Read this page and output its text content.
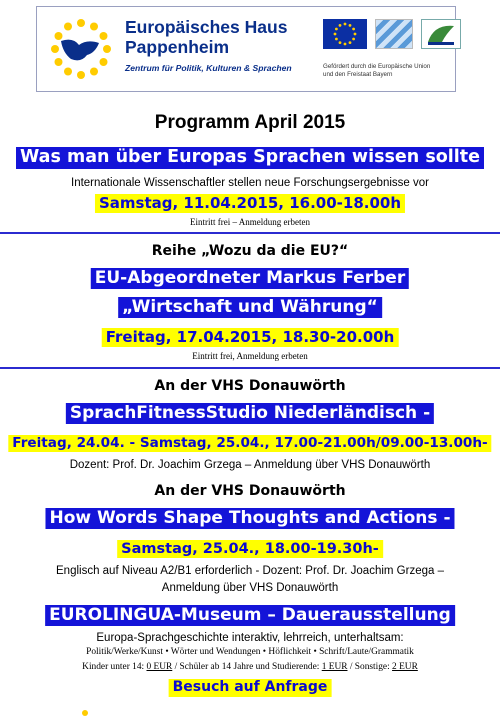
Europäisches Haus
Pappenheim
Zentrum für Politik, Kulturen & Sprachen	Gefördert durch die Europäische Union
und den Freistaat Bayern
Programm April 2015
Was man über Europas Sprachen wissen sollte
Internationale Wissenschaftler stellen neue Forschungsergebnisse vor
Samstag, 11.04.2015, 16.00-18.00h
Eintritt frei – Anmeldung erbeten
Reihe „Wozu da die EU?“
EU-Abgeordneter Markus Ferber
„Wirtschaft und Währung“
Freitag, 17.04.2015, 18.30-20.00h
Eintritt frei, Anmeldung erbeten
An der VHS Donauwörth
SprachFitnessStudio Niederländisch -
Freitag, 24.04. - Samstag, 25.04., 17.00-21.00h/09.00-13.00h-
Dozent: Prof. Dr. Joachim Grzega – Anmeldung über VHS Donauwörth
An der VHS Donauwörth
How Words Shape Thoughts and Actions -
Samstag, 25.04., 18.00-19.30h-
Englisch auf Niveau A2/B1 erforderlich - Dozent: Prof. Dr. Joachim Grzega –
Anmeldung über VHS Donauwörth
EUROLINGUA-Museum – Dauerausstellung
Europa-Sprachgeschichte interaktiv, lehrreich, unterhaltsam:
Politik/Werke/Kunst • Wörter und Wendungen • Höflichkeit • Schrift/Laute/Grammatik
Kinder unter 14: 0 EUR / Schüler ab 14 Jahre und Studierende: 1 EUR / Sonstige: 2 EUR
Besuch auf Anfrage
